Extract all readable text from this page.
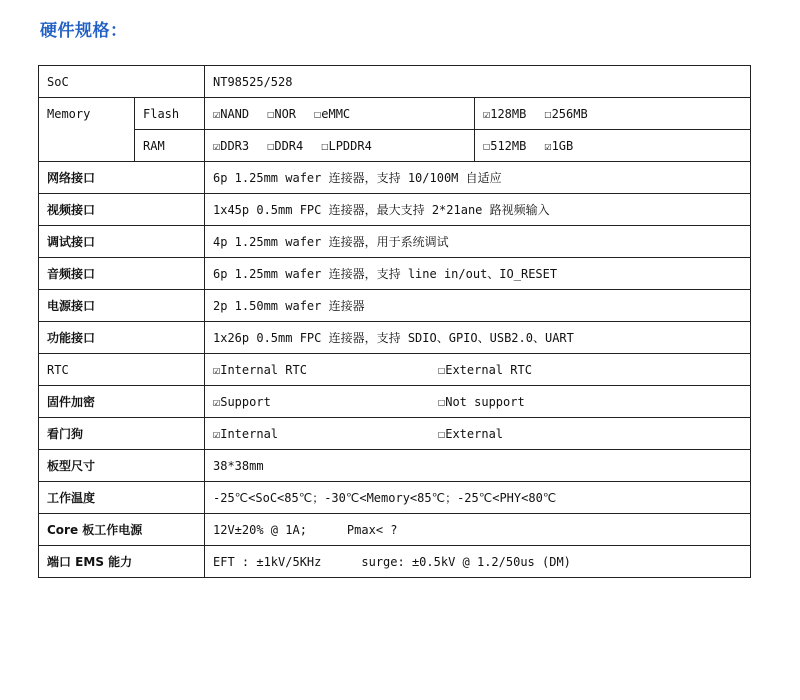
硬件规格：
SoC		NT98525/528	
Memory	Flash	☑NAND ☐NOR ☐eMMC	☑128MB ☐256MB
	RAM	☑DDR3 ☐DDR4 ☐LPDDR4	☐512MB ☑1GB
网络接口		6p 1.25mm wafer 连接器，支持 10/100M 自适应	
视频接口		1x45p 0.5mm FPC 连接器，最大支持 2*21ane 路视频输入	
调试接口		4p 1.25mm wafer 连接器，用于系统调试	
音频接口		6p 1.25mm wafer 连接器，支持 line in/out、IO_RESET	
电源接口		2p 1.50mm wafer 连接器	
功能接口		1x26p 0.5mm FPC 连接器，支持 SDIO、GPIO、USB2.0、UART	
RTC		☑Internal RTC ☐External RTC	
固件加密		☑Support ☐Not support	
看门狗		☑Internal ☐External	
板型尺寸		38*38mm	
工作温度		-25℃<SoC<85℃；-30℃<Memory<85℃；-25℃<PHY<80℃	
Core 板工作电源		12V±20% @ 1A; Pmax< ?	
端口 EMS 能力		EFT : ±1kV/5KHz surge: ±0.5kV @ 1.2/50us (DM)	
